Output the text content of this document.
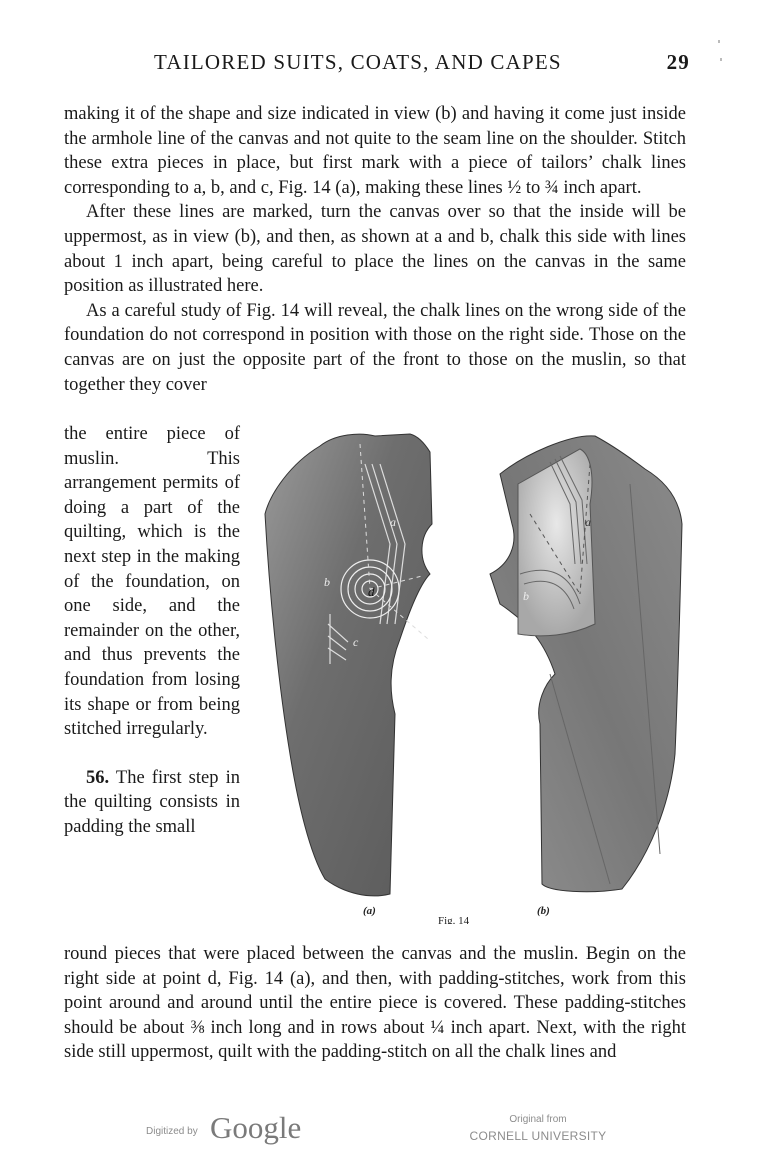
TAILORED SUITS, COATS, AND CAPES	29

making it of the shape and size indicated in view (b) and having it come just inside the armhole line of the canvas and not quite to the seam line on the shoulder. Stitch these extra pieces in place, but first mark with a piece of tailors’ chalk lines corresponding to a, b, and c, Fig. 14 (a), making these lines ½ to ¾ inch apart.

After these lines are marked, turn the canvas over so that the inside will be uppermost, as in view (b), and then, as shown at a and b, chalk this side with lines about 1 inch apart, being careful to place the lines on the canvas in the same position as illustrated here.

As a careful study of Fig. 14 will reveal, the chalk lines on the wrong side of the foundation do not correspond in position with those on the right side. Those on the canvas are on just the opposite part of the front to those on the muslin, so that together they cover

the entire piece of muslin. This arrangement permits of doing a part of the quilting, which is the next step in the making of the foundation, on one side, and the remainder on the other, and thus prevents the foundation from losing its shape or from being stitched irregularly.

56. The first step in the quilting consists in padding the small

a
b
c
d
a
b
(a)
Fig. 14
(b)

round pieces that were placed between the canvas and the muslin. Begin on the right side at point d, Fig. 14 (a), and then, with padding-stitches, work from this point around and around until the entire piece is covered. These padding-stitches should be about ⅜ inch long and in rows about ¼ inch apart. Next, with the right side still uppermost, quilt with the padding-stitch on all the chalk lines and

Digitized by Google	Original from
CORNELL UNIVERSITY
